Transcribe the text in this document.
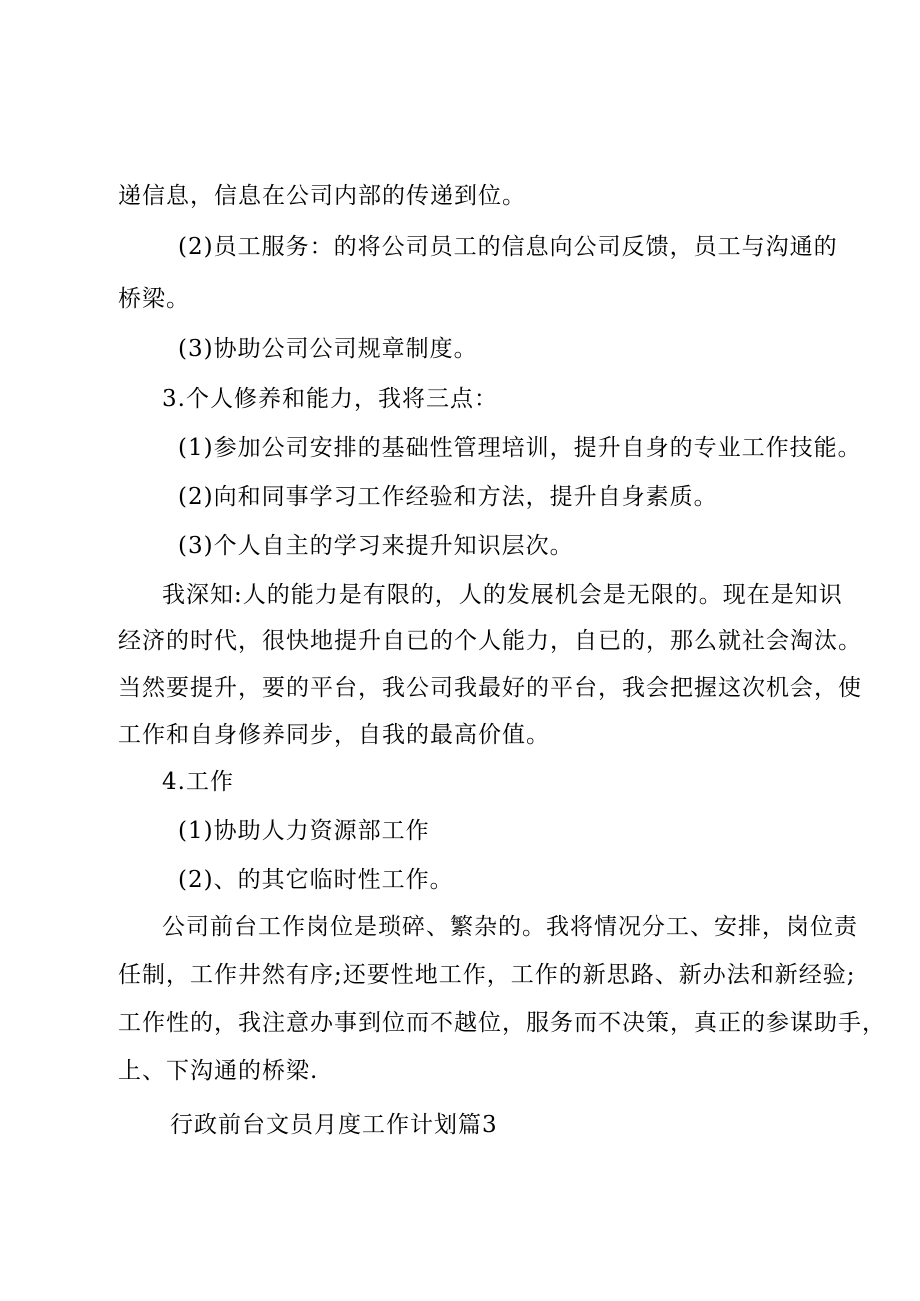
递信息，信息在公司内部的传递到位。
(2)员工服务：的将公司员工的信息向公司反馈，员工与沟通的
桥梁。
(3)协助公司公司规章制度。
3.个人修养和能力，我将三点：
(1)参加公司安排的基础性管理培训，提升自身的专业工作技能。
(2)向和同事学习工作经验和方法，提升自身素质。
(3)个人自主的学习来提升知识层次。
我深知:人的能力是有限的，人的发展机会是无限的。现在是知识
经济的时代，很快地提升自已的个人能力，自已的，那么就社会淘汰。
当然要提升，要的平台，我公司我最好的平台，我会把握这次机会，使
工作和自身修养同步，自我的最高价值。
4.工作
(1)协助人力资源部工作
(2)、的其它临时性工作。
公司前台工作岗位是琐碎、繁杂的。我将情况分工、安排，岗位责
任制，工作井然有序;还要性地工作，工作的新思路、新办法和新经验;
工作性的，我注意办事到位而不越位，服务而不决策，真正的参谋助手，
上、下沟通的桥梁.
行政前台文员月度工作计划篇3
